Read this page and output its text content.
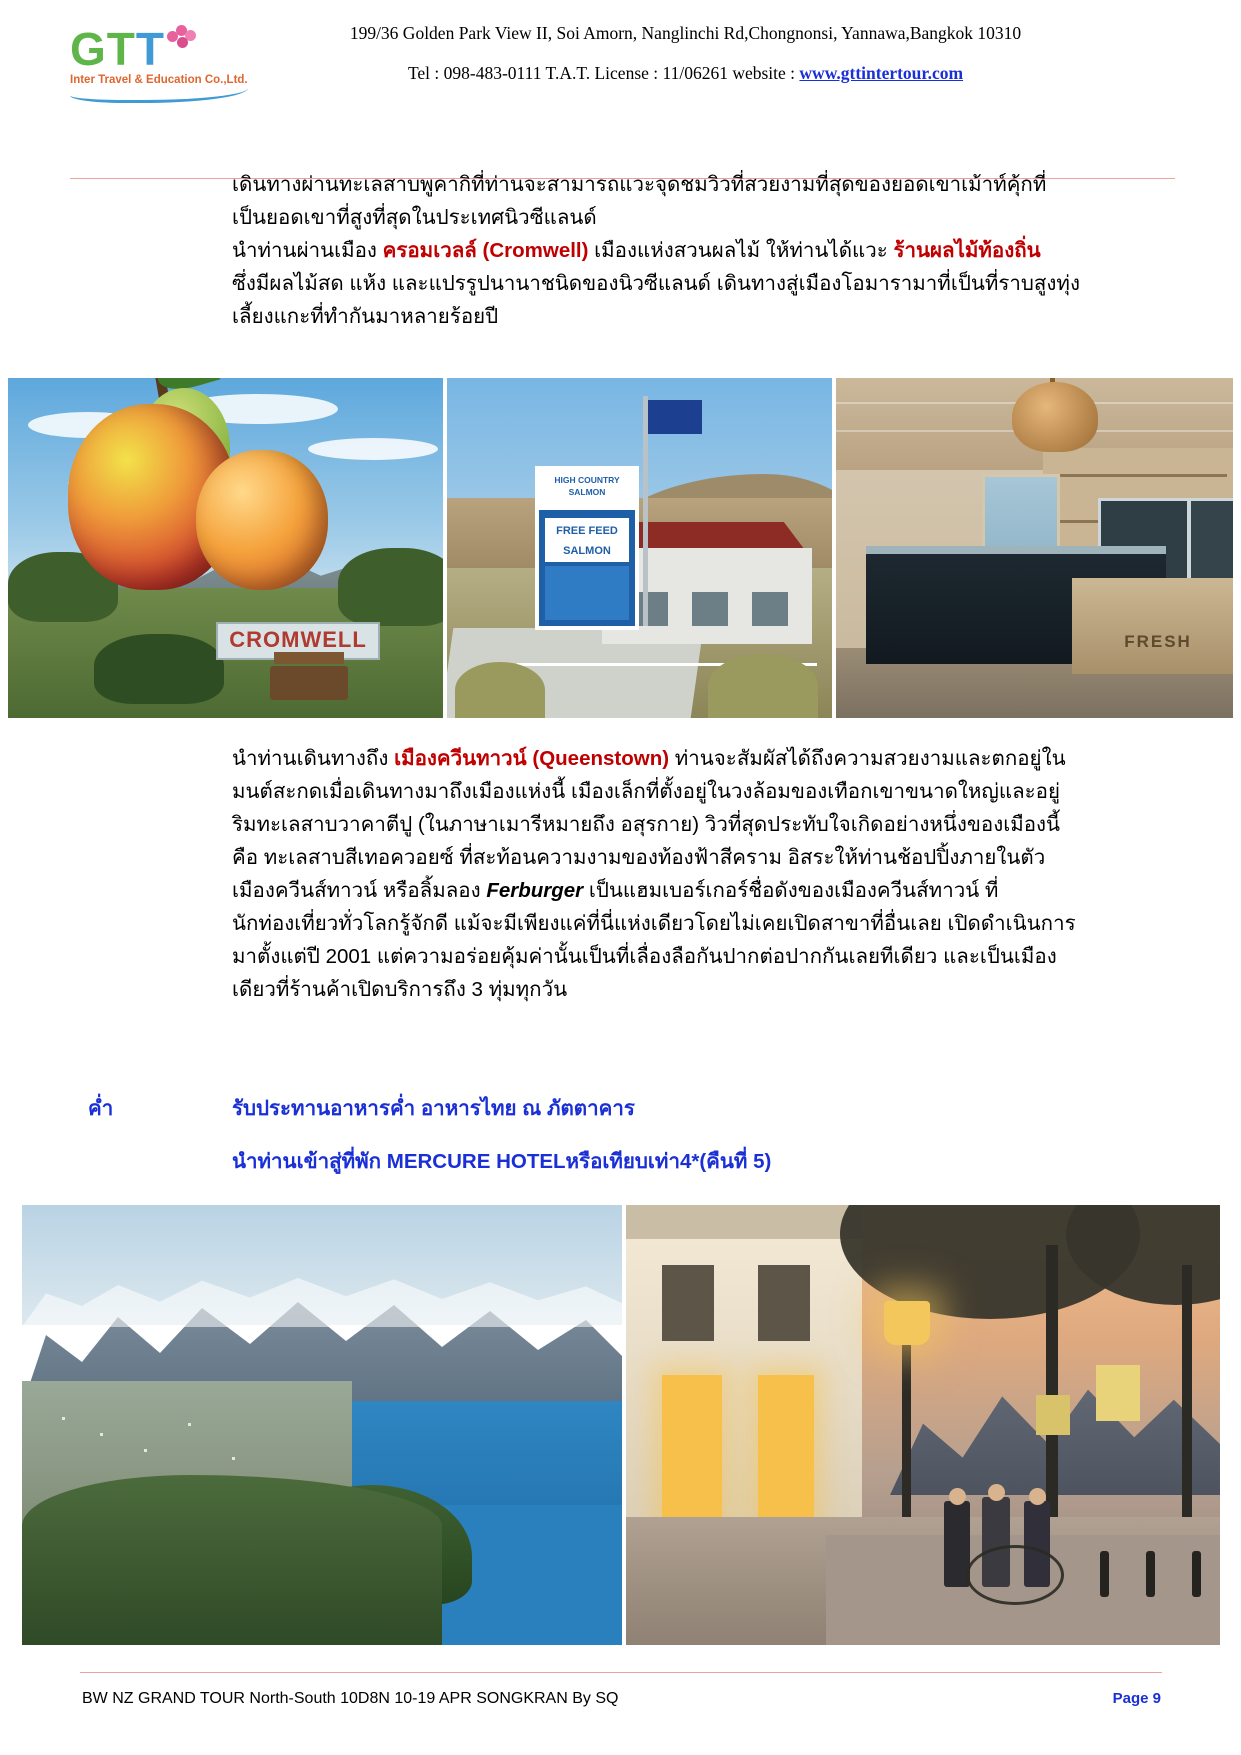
GTT
Inter Travel & Education Co.,Ltd.
199/36 Golden Park View II, Soi Amorn, Nanglinchi Rd,Chongnonsi, Yannawa,Bangkok 10310
Tel : 098-483-0111 T.A.T. License : 11/06261 website : www.gttintertour.com
เดินทางผ่านทะเลสาบพูคากิที่ท่านจะสามารถแวะจุดชมวิวที่สวยงามที่สุดของยอดเขาเม้าท์คุ้กที่
เป็นยอดเขาที่สูงที่สุดในประเทศนิวซีแลนด์
นำท่านผ่านเมือง ครอมเวลล์ (Cromwell) เมืองแห่งสวนผลไม้ ให้ท่านได้แวะ ร้านผลไม้ท้องถิ่น
ซึ่งมีผลไม้สด แห้ง และแปรรูปนานาชนิดของนิวซีแลนด์ เดินทางสู่เมืองโอมารามาที่เป็นที่ราบสูงทุ่ง
เลี้ยงแกะที่ทำกันมาหลายร้อยปี
CROMWELL
HIGH COUNTRY SALMON
FREE FEED SALMON
FRESH
นำท่านเดินทางถึง เมืองควีนทาวน์ (Queenstown) ท่านจะสัมผัสได้ถึงความสวยงามและตกอยู่ใน
มนต์สะกดเมื่อเดินทางมาถึงเมืองแห่งนี้ เมืองเล็กที่ตั้งอยู่ในวงล้อมของเทือกเขาขนาดใหญ่และอยู่
ริมทะเลสาบวาคาตีปู (ในภาษาเมารีหมายถึง อสุรกาย) วิวที่สุดประทับใจเกิดอย่างหนึ่งของเมืองนี้
คือ ทะเลสาบสีเทอควอยซ์ ที่สะท้อนความงามของท้องฟ้าสีคราม อิสระให้ท่านช้อปปิ้งภายในตัว
เมืองควีนส์ทาวน์ หรือลิ้มลอง Ferburger เป็นแฮมเบอร์เกอร์ชื่อดังของเมืองควีนส์ทาวน์ ที่
นักท่องเที่ยวทั่วโลกรู้จักดี แม้จะมีเพียงแค่ที่นี่แห่งเดียวโดยไม่เคยเปิดสาขาที่อื่นเลย เปิดดำเนินการ
มาตั้งแต่ปี 2001 แต่ความอร่อยคุ้มค่านั้นเป็นที่เลื่องลือกันปากต่อปากกันเลยทีเดียว และเป็นเมือง
เดียวที่ร้านค้าเปิดบริการถึง 3 ทุ่มทุกวัน
ค่ำ	รับประทานอาหารค่ำ อาหารไทย ณ ภัตตาคาร
นำท่านเข้าสู่ที่พัก MERCURE HOTELหรือเทียบเท่า4*(คืนที่ 5)
BW NZ GRAND TOUR North-South 10D8N 10-19 APR SONGKRAN By SQ	Page 9
